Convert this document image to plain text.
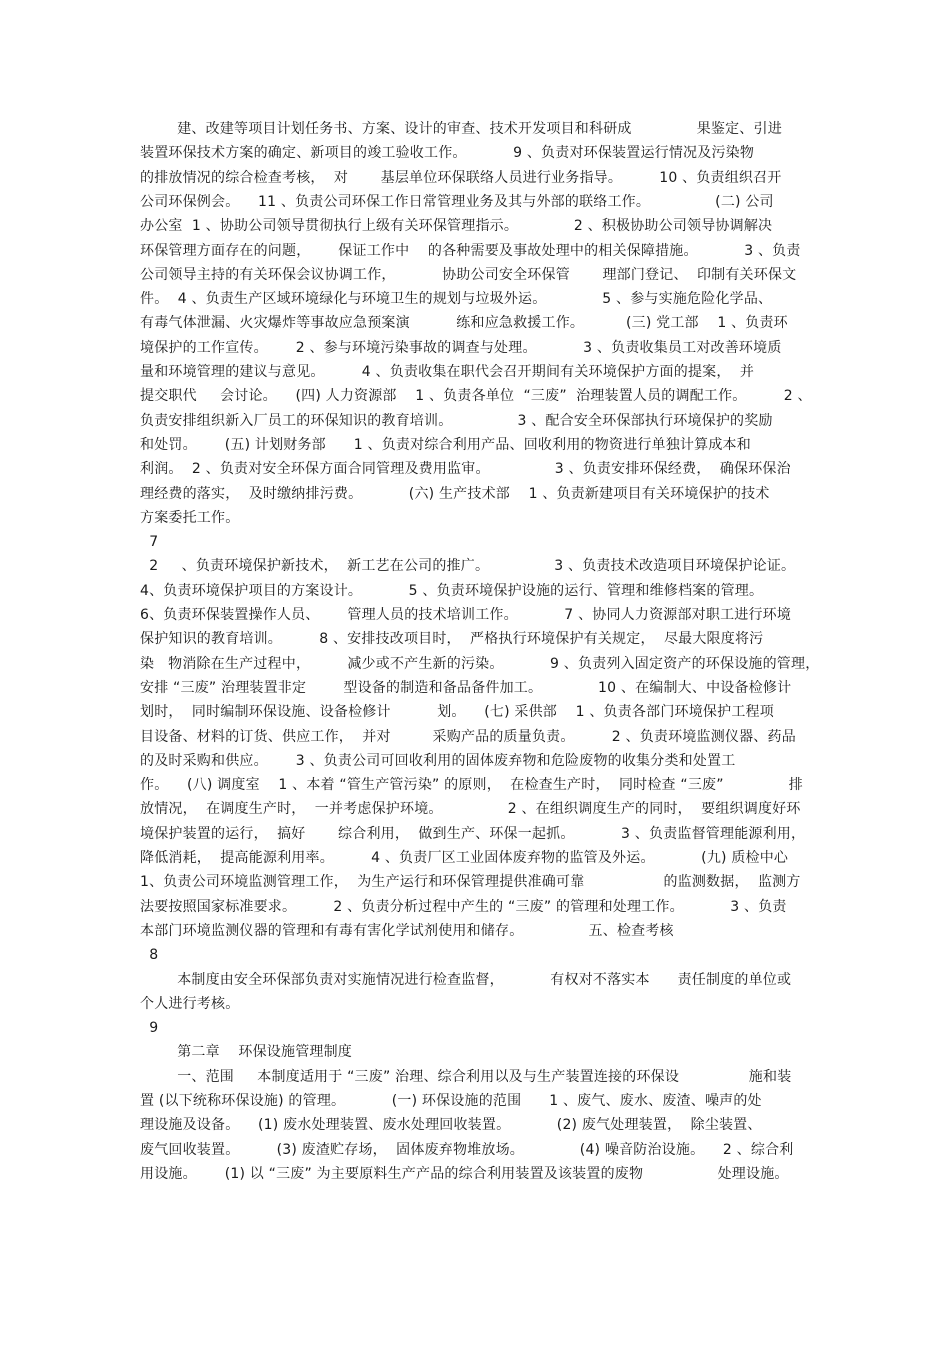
建、改建等项目计划任务书、方案、设计的审查、技术开发项目和科研成              果鉴定、引进
装置环保技术方案的确定、新项目的竣工验收工作。          9 、负责对环保装置运行情况及污染物
的排放情况的综合检查考核，  对       基层单位环保联络人员进行业务指导。        10 、负责组织召开
公司环保例会。    11 、负责公司环保工作日常管理业务及其与外部的联络工作。              (二) 公司
办公室  1 、协助公司领导贯彻执行上级有关环保管理指示。            2 、积极协助公司领导协调解决
环保管理方面存在的问题，      保证工作中    的各种需要及事故处理中的相关保障措施。          3 、负责
公司领导主持的有关环保会议协调工作，          协助公司安全环保管       理部门登记、  印制有关环保文
件。  4 、负责生产区域环境绿化与环境卫生的规划与垃圾外运。            5 、参与实施危险化学品、
有毒气体泄漏、火灾爆炸等事故应急预案演          练和应急救援工作。         (三) 党工部    1 、负责环
境保护的工作宣传。      2 、参与环境污染事故的调查与处理。          3 、负责收集员工对改善环境质
量和环境管理的建议与意见。        4 、负责收集在职代会召开期间有关环境保护方面的提案，  并
提交职代     会讨论。    (四) 人力资源部    1 、负责各单位  “三废”  治理装置人员的调配工作。        2 、
负责安排组织新入厂员工的环保知识的教育培训。              3 、配合安全环保部执行环境保护的奖励
和处罚。      (五) 计划财务部      1 、负责对综合利用产品、回收利用的物资进行单独计算成本和
利润。  2 、负责对安全环保方面合同管理及费用监审。              3 、负责安排环保经费，  确保环保治
理经费的落实，  及时缴纳排污费。          (六) 生产技术部    1 、负责新建项目有关环境保护的技术
方案委托工作。
7
2     、负责环境保护新技术，  新工艺在公司的推广。              3 、负责技术改造项目环境保护论证。
4、负责环境保护项目的方案设计。          5 、负责环境保护设施的运行、管理和维修档案的管理。
6、负责环保装置操作人员、      管理人员的技术培训工作。          7 、协同人力资源部对职工进行环境
保护知识的教育培训。        8 、安排技改项目时，  严格执行环境保护有关规定，  尽最大限度将污
染   物消除在生产过程中，        减少或不产生新的污染。          9 、负责列入固定资产的环保设施的管理，
安排 “三废” 治理装置非定        型设备的制造和备品备件加工。            10 、在编制大、中设备检修计
划时，  同时编制环保设施、设备检修计          划。    (七) 采供部    1 、负责各部门环境保护工程项
目设备、材料的订货、供应工作，  并对         采购产品的质量负责。        2 、负责环境监测仪器、药品
的及时采购和供应。      3 、负责公司可回收利用的固体废弃物和危险废物的收集分类和处置工
作。    (八) 调度室    1 、本着 “管生产管污染” 的原则，  在检查生产时，  同时检查 “三废”              排
放情况，  在调度生产时，  一并考虑保护环境。              2 、在组织调度生产的同时，  要组织调度好环
境保护装置的运行，  搞好       综合利用，  做到生产、环保一起抓。          3 、负责监督管理能源利用，
降低消耗，  提高能源利用率。        4 、负责厂区工业固体废弃物的监管及外运。          (九) 质检中心
1、负责公司环境监测管理工作，  为生产运行和环保管理提供准确可靠                 的监测数据，  监测方
法要按照国家标准要求。        2 、负责分析过程中产生的 “三废” 的管理和处理工作。          3 、负责
本部门环境监测仪器的管理和有毒有害化学试剂使用和储存。              五、检查考核
8
本制度由安全环保部负责对实施情况进行检查监督，          有权对不落实本      责任制度的单位或
个人进行考核。
9
第二章    环保设施管理制度
一、范围     本制度适用于 “三废” 治理、综合利用以及与生产装置连接的环保设               施和装
置 (以下统称环保设施) 的管理。          (一) 环保设施的范围      1 、废气、废水、废渣、噪声的处
理设施及设备。    (1) 废水处理装置、废水处理回收装置。          (2) 废气处理装置，  除尘装置、
废气回收装置。        (3) 废渣贮存场，  固体废弃物堆放场。            (4) 噪音防治设施。    2 、综合利
用设施。      (1) 以 “三废” 为主要原料生产产品的综合利用装置及该装置的废物                处理设施。
